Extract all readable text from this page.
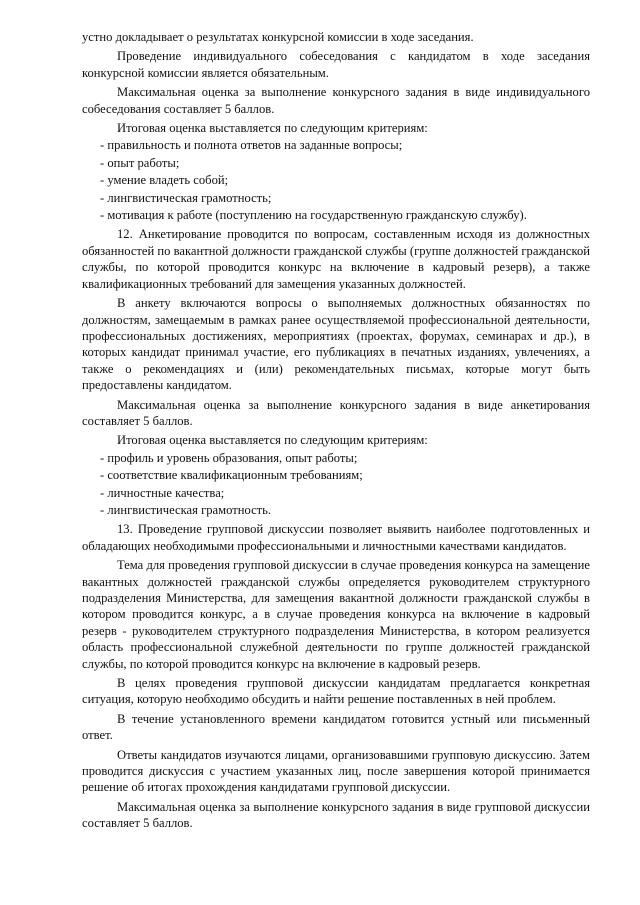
устно докладывает о результатах конкурсной комиссии в ходе заседания.

Проведение индивидуального собеседования с кандидатом в ходе заседания конкурсной комиссии является обязательным.

Максимальная оценка за выполнение конкурсного задания в виде индивидуального собеседования составляет 5 баллов.

Итоговая оценка выставляется по следующим критериям:

- правильность и полнота ответов на заданные вопросы;

- опыт работы;

- умение владеть собой;

- лингвистическая грамотность;

- мотивация к работе (поступлению на государственную гражданскую службу).

12. Анкетирование проводится по вопросам, составленным исходя из должностных обязанностей по вакантной должности гражданской службы (группе должностей гражданской службы, по которой проводится конкурс на включение в кадровый резерв), а также квалификационных требований для замещения указанных должностей.

В анкету включаются вопросы о выполняемых должностных обязанностях по должностям, замещаемым в рамках ранее осуществляемой профессиональной деятельности, профессиональных достижениях, мероприятиях (проектах, форумах, семинарах и др.), в которых кандидат принимал участие, его публикациях в печатных изданиях, увлечениях, а также о рекомендациях и (или) рекомендательных письмах, которые могут быть предоставлены кандидатом.

Максимальная оценка за выполнение конкурсного задания в виде анкетирования составляет 5 баллов.

Итоговая оценка выставляется по следующим критериям:

- профиль и уровень образования, опыт работы;

- соответствие квалификационным требованиям;

- личностные качества;

- лингвистическая грамотность.

13. Проведение групповой дискуссии позволяет выявить наиболее подготовленных и обладающих необходимыми профессиональными и личностными качествами кандидатов.

Тема для проведения групповой дискуссии в случае проведения конкурса на замещение вакантных должностей гражданской службы определяется руководителем структурного подразделения Министерства, для замещения вакантной должности гражданской службы в котором проводится конкурс, а в случае проведения конкурса на включение в кадровый резерв - руководителем структурного подразделения Министерства, в котором реализуется область профессиональной служебной деятельности по группе должностей гражданской службы, по которой проводится конкурс на включение в кадровый резерв.

В целях проведения групповой дискуссии кандидатам предлагается конкретная ситуация, которую необходимо обсудить и найти решение поставленных в ней проблем.

В течение установленного времени кандидатом готовится устный или письменный ответ.

Ответы кандидатов изучаются лицами, организовавшими групповую дискуссию. Затем проводится дискуссия с участием указанных лиц, после завершения которой принимается решение об итогах прохождения кандидатами групповой дискуссии.

Максимальная оценка за выполнение конкурсного задания в виде групповой дискуссии составляет 5 баллов.
